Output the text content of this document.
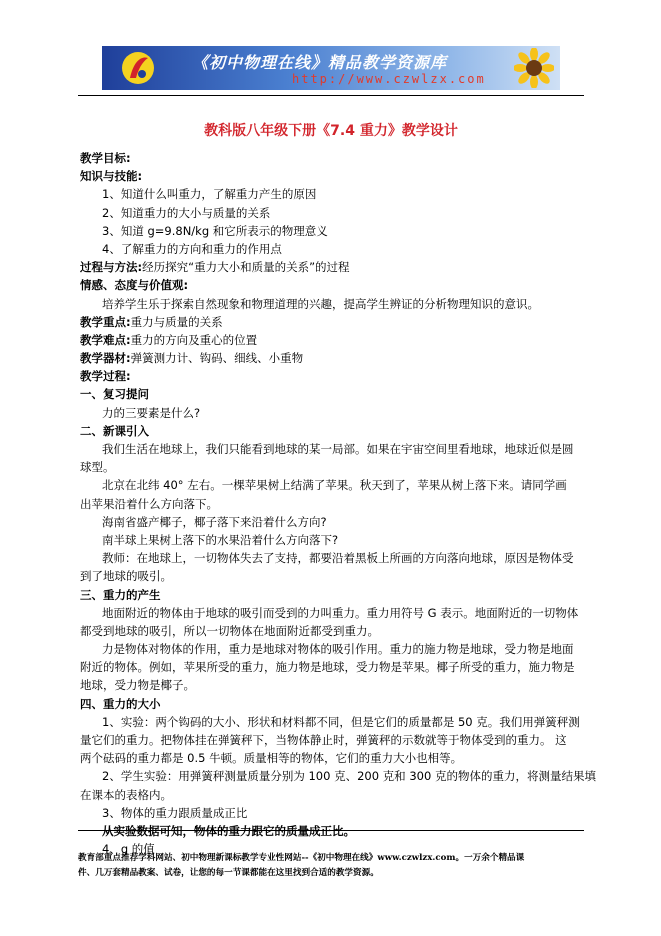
《初中物理在线》精品教学资源库
http://www.czwlzx.com
教科版八年级下册《7.4 重力》教学设计
教学目标:
知识与技能:
1、知道什么叫重力，了解重力产生的原因
2、知道重力的大小与质量的关系
3、知道 g=9.8N/kg 和它所表示的物理意义
4、了解重力的方向和重力的作用点
过程与方法:经历探究“重力大小和质量的关系”的过程
情感、态度与价值观:
培养学生乐于探索自然现象和物理道理的兴趣，提高学生辨证的分析物理知识的意识。
教学重点:重力与质量的关系
教学难点:重力的方向及重心的位置
教学器材:弹簧测力计、钩码、细线、小重物
教学过程:
一、复习提问
力的三要素是什么?
二、新课引入
我们生活在地球上，我们只能看到地球的某一局部。如果在宇宙空间里看地球，地球近似是圆
球型。
北京在北纬 40° 左右。一棵苹果树上结满了苹果。秋天到了，苹果从树上落下来。请同学画
出苹果沿着什么方向落下。
海南省盛产椰子，椰子落下来沿着什么方向?
南半球上果树上落下的水果沿着什么方向落下?
教师：在地球上，一切物体失去了支持，都要沿着黑板上所画的方向落向地球，原因是物体受
到了地球的吸引。
三、重力的产生
地面附近的物体由于地球的吸引而受到的力叫重力。重力用符号 G 表示。地面附近的一切物体
都受到地球的吸引，所以一切物体在地面附近都受到重力。
力是物体对物体的作用，重力是地球对物体的吸引作用。重力的施力物是地球，受力物是地面
附近的物体。例如，苹果所受的重力，施力物是地球，受力物是苹果。椰子所受的重力，施力物是
地球，受力物是椰子。
四、重力的大小
1、实验：两个钩码的大小、形状和材料都不同，但是它们的质量都是 50 克。我们用弹簧秤测
量它们的重力。把物体挂在弹簧秤下，当物体静止时，弹簧秤的示数就等于物体受到的重力。 这
两个砝码的重力都是 0.5 牛顿。质量相等的物体，它们的重力大小也相等。
2、学生实验：用弹簧秤测量质量分别为 100 克、200 克和 300 克的物体的重力，将测量结果填
在课本的表格内。
3、物体的重力跟质量成正比
从实验数据可知，物体的重力跟它的质量成正比。
4、g 的值
教育部重点推荐学科网站、初中物理新课标教学专业性网站--《初中物理在线》www.czwlzx.com。一万余个精品课
件、几万套精品教案、试卷，让您的每一节课都能在这里找到合适的教学资源。
